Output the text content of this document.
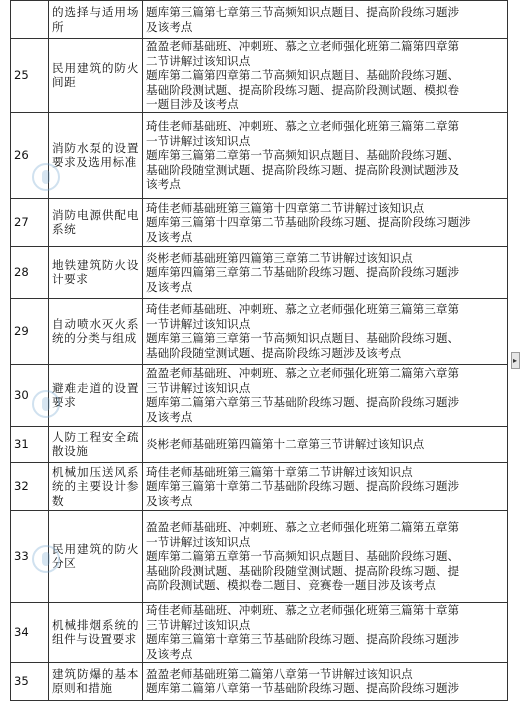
	的选择与适用场所	题库第三篇第七章第三节高频知识点题目、提高阶段练习题涉
及该考点
25	民用建筑的防火间距	盈盈老师基础班、冲刺班、慕之立老师强化班第二篇第四章第
二节讲解过该知识点
题库第二篇第四章第二节高频知识点题目、基础阶段练习题、
基础阶段测试题、提高阶段练习题、提高阶段测试题、模拟卷
一题目涉及该考点
26	消防水泵的设置要求及选用标准	琦佳老师基础班、冲刺班、慕之立老师强化班第三篇第二章第
一节讲解过该知识点
题库第三篇第二章第一节高频知识点题目、基础阶段练习题、
基础阶段随堂测试题、提高阶段练习题、提高阶段测试题涉及
该考点
27	消防电源供配电系统	琦佳老师基础班第三篇第十四章第二节讲解过该知识点
题库第三篇第十四章第二节基础阶段练习题、提高阶段练习题涉
及该考点
28	地铁建筑防火设计要求	炎彬老师基础班第四篇第三章第二节讲解过该知识点
题库第四篇第三章第二节基础阶段练习题、提高阶段练习题涉
及该考点
29	自动喷水灭火系统的分类与组成	琦佳老师基础班、冲刺班、慕之立老师强化班第三篇第三章第
一节讲解过该知识点
题库第三篇第三章第一节高频知识点题目、基础阶段练习题、
基础阶段随堂测试题、提高阶段练习题涉及该考点
30	避难走道的设置要求	盈盈老师基础班、冲刺班、慕之立老师强化班第二篇第六章第
三节讲解过该知识点
题库第二篇第六章第三节基础阶段练习题、提高阶段练习题涉
及该考点
31	人防工程安全疏散设施	炎彬老师基础班第四篇第十二章第三节讲解过该知识点
32	机械加压送风系统的主要设计参数	琦佳老师基础班第三篇第十章第二节讲解过该知识点
题库第三篇第十章第二节基础阶段练习题、提高阶段练习题涉
及该考点
33	民用建筑的防火分区	盈盈老师基础班、冲刺班、慕之立老师强化班第二篇第五章第
一节讲解过该知识点
题库第二篇第五章第一节高频知识点题目、基础阶段练习题、
基础阶段测试题、基础阶段随堂测试题、提高阶段练习题、提
高阶段测试题、模拟卷二题目、竞赛卷一题目涉及该考点
34	机械排烟系统的组件与设置要求	琦佳老师基础班、冲刺班、慕之立老师强化班第三篇第十章第
三节讲解过该知识点
题库第三篇第十章第三节基础阶段练习题、提高阶段练习题涉
及该考点
35	建筑防爆的基本原则和措施	盈盈老师基础班第二篇第八章第一节讲解过该知识点
题库第二篇第八章第一节基础阶段练习题、提高阶段练习题涉
▸
